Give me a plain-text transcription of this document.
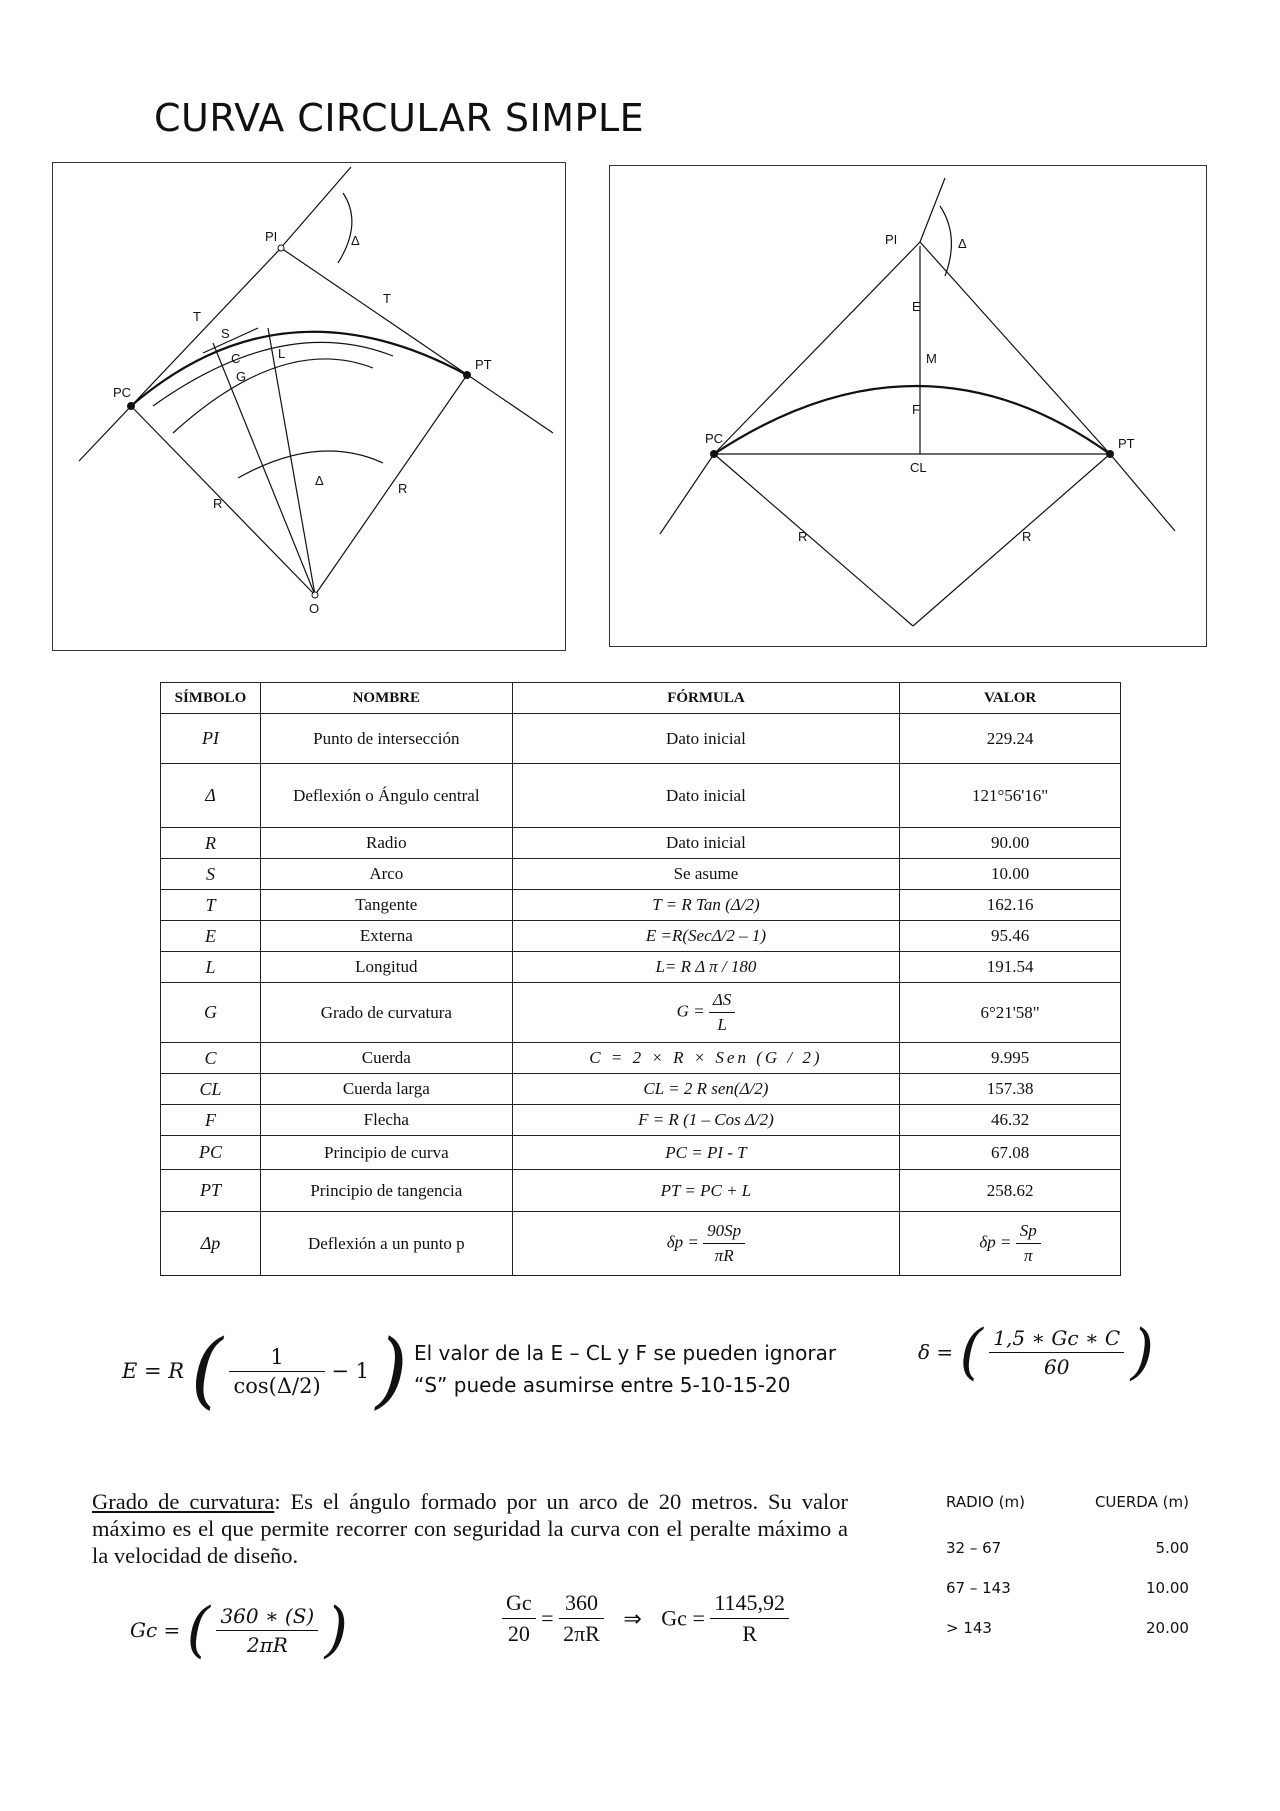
CURVA CIRCULAR SIMPLE
PI	Δ
T
T
S
C	L
G
PC
PT
Δ
R
R
O
PI	Δ
E
M
F
PC	PT
CL
R	R
SÍMBOLO	NOMBRE	FÓRMULA	VALOR
PI	Punto de intersección	Dato inicial	229.24
Δ	Deflexión o Ángulo central	Dato inicial	121°56'16"
R	Radio	Dato inicial	90.00
S	Arco	Se asume	10.00
T	Tangente	T = R Tan (Δ/2)	162.16
E	Externa	E =R(SecΔ/2 – 1)	95.46
L	Longitud	L= R Δ π / 180	191.54
G	Grado de curvatura	$G = \frac{\Delta S}{L}$	6°21'58"
C	Cuerda	C = 2 × R × Sen (G / 2)	9.995
CL	Cuerda larga	CL = 2 R sen(Δ/2)	157.38
F	Flecha	F = R (1 – Cos Δ/2)	46.32
PC	Principio de curva	PC = PI - T	67.08
PT	Principio de tangencia	PT = PC + L	258.62
Δp	Deflexión a un punto p	$\delta p = \frac{90Sp}{\pi R}$	$\delta p = \frac{Sp}{\pi}$
E = R ( $\frac{1}{\cos(\Delta/2)} - 1$ ) El valor de la E – CL y F se pueden ignorar
“S” puede asumirse entre 5-10-15-20
δ = ( $\frac{1,5 ∗ Gc ∗ C}{60}$ )
Grado de curvatura: Es el ángulo formado por un arco de 20 metros. Su valor máximo es el que permite recorrer con seguridad la curva con el peralte máximo a la velocidad de diseño.
Gc = ( $\frac{360 ∗ (S)}{2\pi R}$ )	$\frac{Gc}{20} = \frac{360}{2\pi R}$ ⇒ $Gc = \frac{1145,92}{R}$
RADIO (m)	CUERDA (m)
32 – 67	5.00
67 – 143	10.00
> 143	20.00
